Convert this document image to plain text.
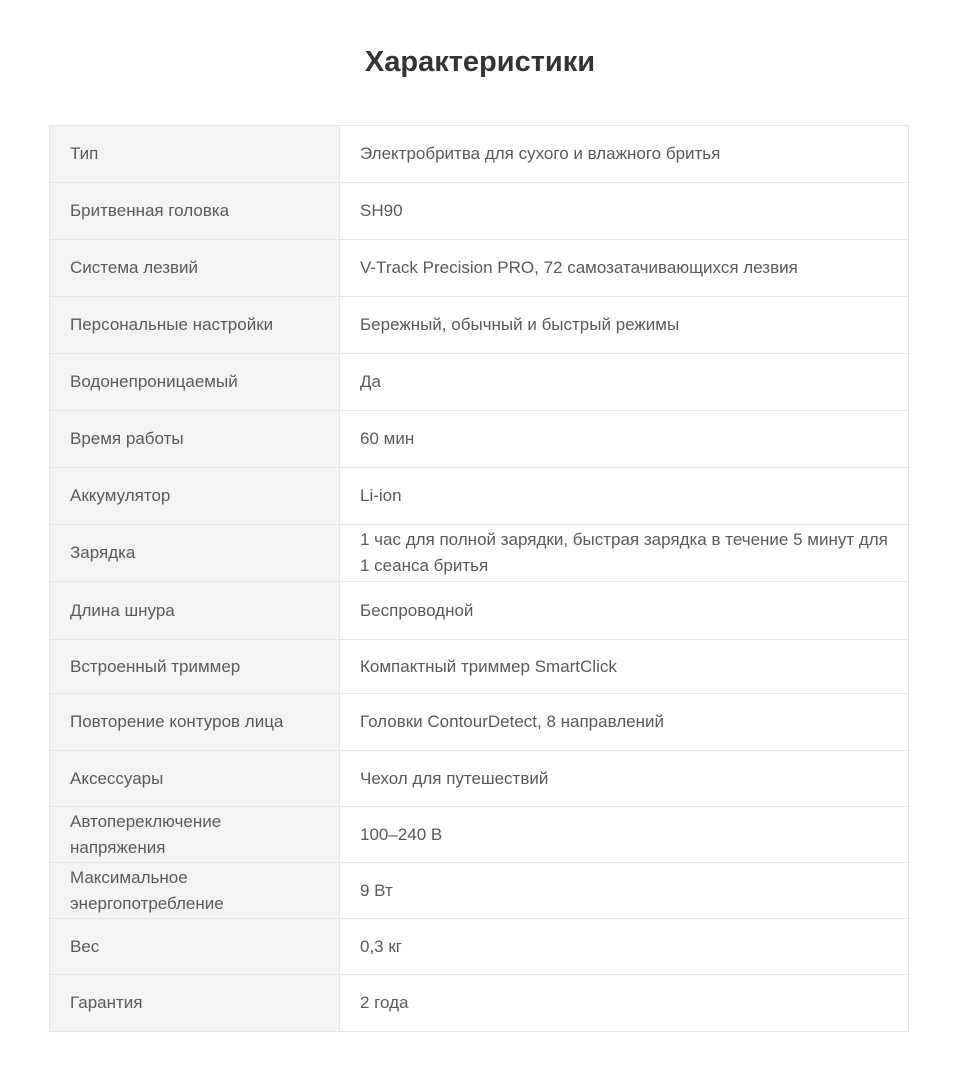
Характеристики
Тип	Электробритва для сухого и влажного бритья
Бритвенная головка	SH90
Система лезвий	V-Track Precision PRO, 72 самозатачивающихся лезвия
Персональные настройки	Бережный, обычный и быстрый режимы
Водонепроницаемый	Да
Время работы	60 мин
Аккумулятор	Li-ion
Зарядка	1 час для полной зарядки, быстрая зарядка в течение 5 минут для 1 сеанса бритья
Длина шнура	Беспроводной
Встроенный триммер	Компактный триммер SmartClick
Повторение контуров лица	Головки ContourDetect, 8 направлений
Аксессуары	Чехол для путешествий
Автопереключение напряжения	100–240 В
Максимальное энергопотребление	9 Вт
Вес	0,3 кг
Гарантия	2 года
